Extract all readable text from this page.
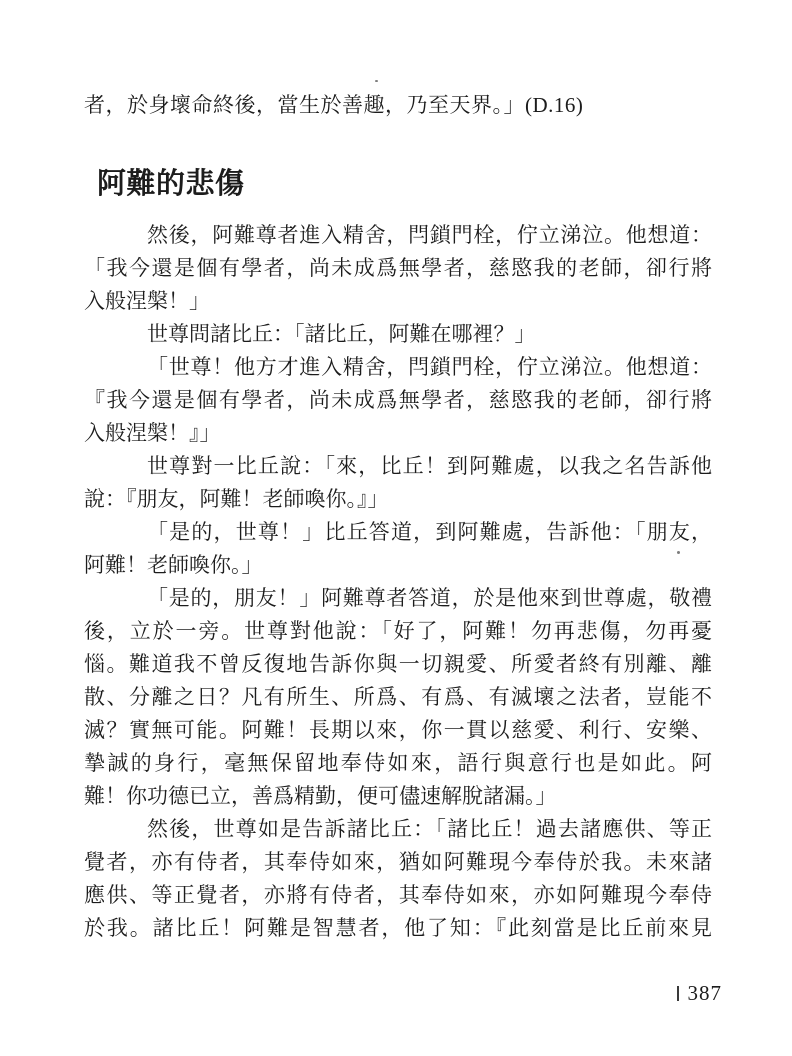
者，於身壞命終後，當生於善趣，乃至天界。」(D.16)
阿難的悲傷
然後，阿難尊者進入精舍，閂鎖門栓，佇立涕泣。他想道：
「我今還是個有學者，尚未成爲無學者，慈愍我的老師，卻行將
入般涅槃！」
世尊問諸比丘：「諸比丘，阿難在哪裡？」
「世尊！他方才進入精舍，閂鎖門栓，佇立涕泣。他想道：
『我今還是個有學者，尚未成爲無學者，慈愍我的老師，卻行將
入般涅槃！』」
世尊對一比丘說：「來，比丘！到阿難處，以我之名告訴他
說：『朋友，阿難！老師喚你。』」
「是的，世尊！」比丘答道，到阿難處，告訴他：「朋友，
阿難！老師喚你。」
「是的，朋友！」阿難尊者答道，於是他來到世尊處，敬禮
後，立於一旁。世尊對他說：「好了，阿難！勿再悲傷，勿再憂
惱。難道我不曾反復地告訴你與一切親愛、所愛者終有別離、離
散、分離之日？凡有所生、所爲、有爲、有滅壞之法者，豈能不
滅？實無可能。阿難！長期以來，你一貫以慈愛、利行、安樂、
摯誠的身行，毫無保留地奉侍如來，語行與意行也是如此。阿
難！你功德已立，善爲精勤，便可儘速解脫諸漏。」
然後，世尊如是告訴諸比丘：「諸比丘！過去諸應供、等正
覺者，亦有侍者，其奉侍如來，猶如阿難現今奉侍於我。未來諸
應供、等正覺者，亦將有侍者，其奉侍如來，亦如阿難現今奉侍
於我。諸比丘！阿難是智慧者，他了知：『此刻當是比丘前來見
387
